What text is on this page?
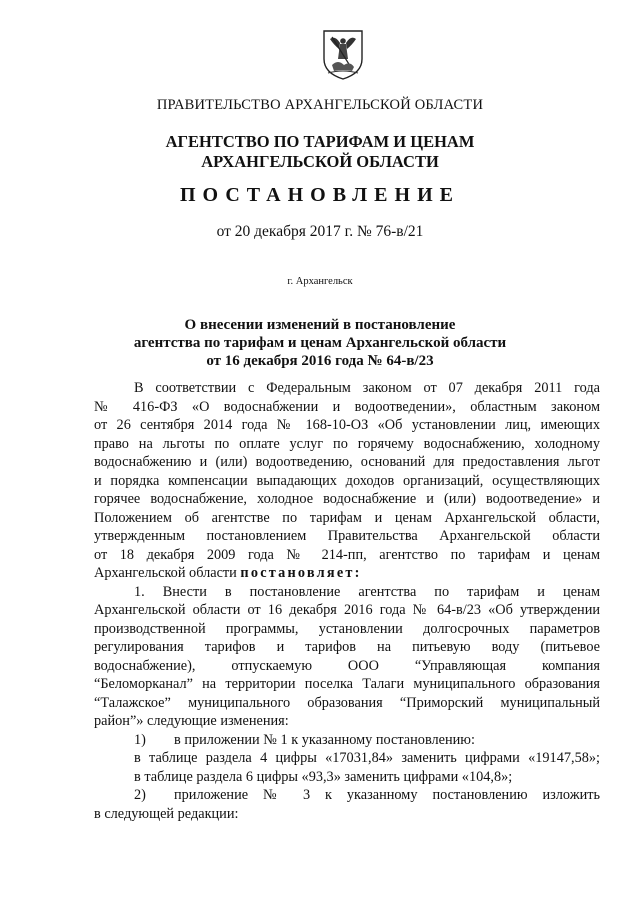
ПРАВИТЕЛЬСТВО АРХАНГЕЛЬСКОЙ ОБЛАСТИ
АГЕНТСТВО ПО ТАРИФАМ И ЦЕНАМ
АРХАНГЕЛЬСКОЙ ОБЛАСТИ
ПОСТАНОВЛЕНИЕ
от 20 декабря 2017 г. № 76-в/21
г. Архангельск
О внесении изменений в постановление
агентства по тарифам и ценам Архангельской области
от 16 декабря 2016 года № 64-в/23

В соответствии с Федеральным законом от 07 декабря 2011 года
№ 416-ФЗ «О водоснабжении и водоотведении», областным законом
от 26 сентября 2014 года № 168-10-ОЗ «Об установлении лиц, имеющих
право на льготы по оплате услуг по горячему водоснабжению, холодному
водоснабжению и (или) водоотведению, оснований для предоставления льгот
и порядка компенсации выпадающих доходов организаций, осуществляющих
горячее водоснабжение, холодное водоснабжение и (или) водоотведение» и
Положением об агентстве по тарифам и ценам Архангельской области,
утвержденным постановлением Правительства Архангельской области
от 18 декабря 2009 года № 214-пп, агентство по тарифам и ценам
Архангельской области постановляет:

1. Внести в постановление агентства по тарифам и ценам
Архангельской области от 16 декабря 2016 года № 64-в/23 «Об утверждении
производственной программы, установлении долгосрочных параметров
регулирования тарифов и тарифов на питьевую воду (питьевое
водоснабжение), отпускаемую ООО “Управляющая компания
“Беломорканал” на территории поселка Талаги муниципального образования
“Талажское” муниципального образования “Приморский муниципальный
район”» следующие изменения:

1) в приложении № 1 к указанному постановлению:
в таблице раздела 4 цифры «17031,84» заменить цифрами «19147,58»;
в таблице раздела 6 цифры «93,3» заменить цифрами «104,8»;

2) приложение № 3 к указанному постановлению изложить
в следующей редакции:
